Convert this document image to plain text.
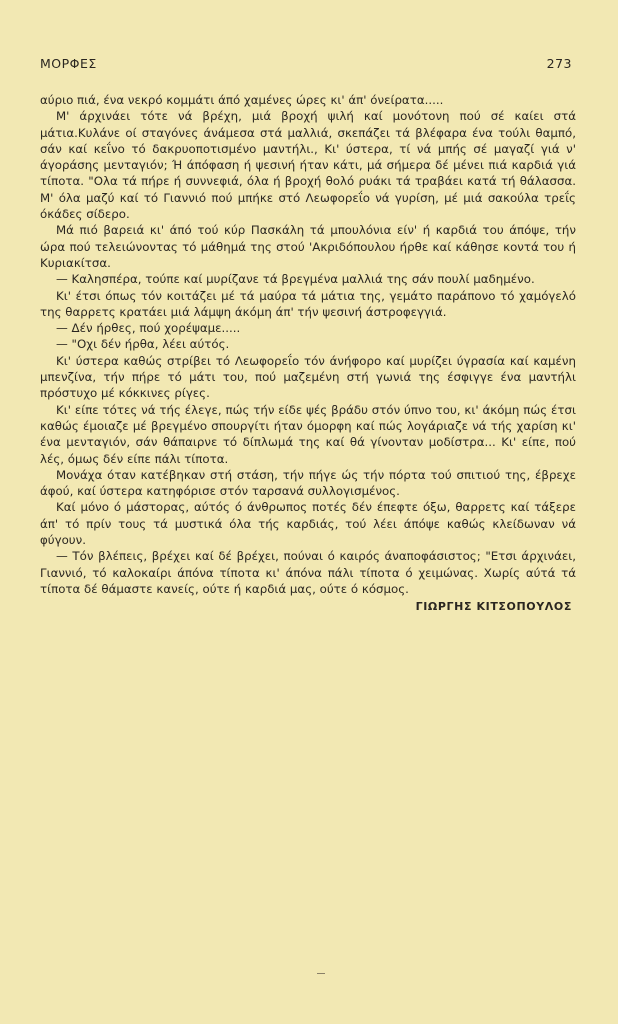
ΜΟΡΦΕΣ	273

αύριο πιά, ένα νεκρό κομμάτι άπό χαμένες ώρες κι' άπ' όνείρατα.....

Μ' άρχινάει τότε νά βρέχη, μιά βροχή ψιλή καί μονότονη πού σέ καίει στά μάτια.Κυλάνε οί σταγόνες άνάμεσα στά μαλλιά, σκεπάζει τά βλέφαρα ένα τούλι θαμπό, σάν καί κεΐνο τό δακρυοποτισμένο μαντήλι., Κι' ύστερα, τί νά μπής σέ μαγαζί γιά ν' άγοράσης μενταγιόν; Ή άπόφαση ή ψεσινή ήταν κάτι, μά σήμερα δέ μένει πιά καρδιά γιά τίποτα. "Ολα τά πήρε ή συννεφιά, όλα ή βροχή θολό ρυάκι τά τραβάει κατά τή θάλασσα. Μ' όλα μαζύ καί τό Γιαννιό πού μπήκε στό Λεωφορεΐο νά γυρίση, μέ μιά σακούλα τρεΐς όκάδες σίδερο.

Μά πιό βαρειά κι' άπό τού κύρ Πασκάλη τά μπουλόνια είν' ή καρδιά του άπόψε, τήν ώρα πού τελειώνοντας τό μάθημά της στού 'Ακριδόπουλου ήρθε καί κάθησε κοντά του ή Κυριακίτσα.

— Καλησπέρα, τούπε καί μυρίζανε τά βρεγμένα μαλλιά της σάν πουλί μαδημένο.

Κι' έτσι όπως τόν κοιτάζει μέ τά μαύρα τά μάτια της, γεμάτο παράπονο τό χαμόγελό της θαρρετς κρατάει μιά λάμψη άκόμη άπ' τήν ψεσινή άστροφεγγιά.

— Δέν ήρθες, πού χορέψαμε.....

— "Οχι δέν ήρθα, λέει αύτός.

Κι' ύστερα καθώς στρίβει τό Λεωφορεΐο τόν άνήφορο καί μυρίζει ύγρασία καί καμένη μπενζίνα, τήν πήρε τό μάτι του, πού μαζεμένη στή γωνιά της έσφιγγε ένα μαντήλι πρόστυχο μέ κόκκινες ρίγες.

Κι' είπε τότες νά τής έλεγε, πώς τήν είδε ψές βράδυ στόν ύπνο του, κι' άκόμη πώς έτσι καθώς έμοιαζε μέ βρεγμένο σπουργίτι ήταν όμορφη καί πώς λογάριαζε νά τής χαρίση κι' ένα μενταγιόν, σάν θάπαιρνε τό δίπλωμά της καί θά γίνονταν μοδίστρα... Κι' είπε, πού λές, όμως δέν είπε πάλι τίποτα.

Μονάχα όταν κατέβηκαν στή στάση, τήν πήγε ώς τήν πόρτα τού σπιτιού της, έβρεχε άφού, καί ύστερα κατηφόρισε στόν ταρσανά συλλογισμένος.

Καί μόνο ό μάστορας, αύτός ό άνθρωπος ποτές δέν έπεφτε όξω, θαρρετς καί τάξερε άπ' τό πρίν τους τά μυστικά όλα τής καρδιάς, τού λέει άπόψε καθώς κλείδωναν νά φύγουν.

— Τόν βλέπεις, βρέχει καί δέ βρέχει, πούναι ό καιρός άναποφάσιστος; "Ετσι άρχινάει, Γιαννιό, τό καλοκαίρι άπόνα τίποτα κι' άπόνα πάλι τίποτα ό χειμώνας. Χωρίς αύτά τά τίποτα δέ θάμαστε κανείς, ούτε ή καρδιά μας, ούτε ό κόσμος.

ΓΙΩΡΓΗΣ ΚΙΤΣΟΠΟΥΛΟΣ
